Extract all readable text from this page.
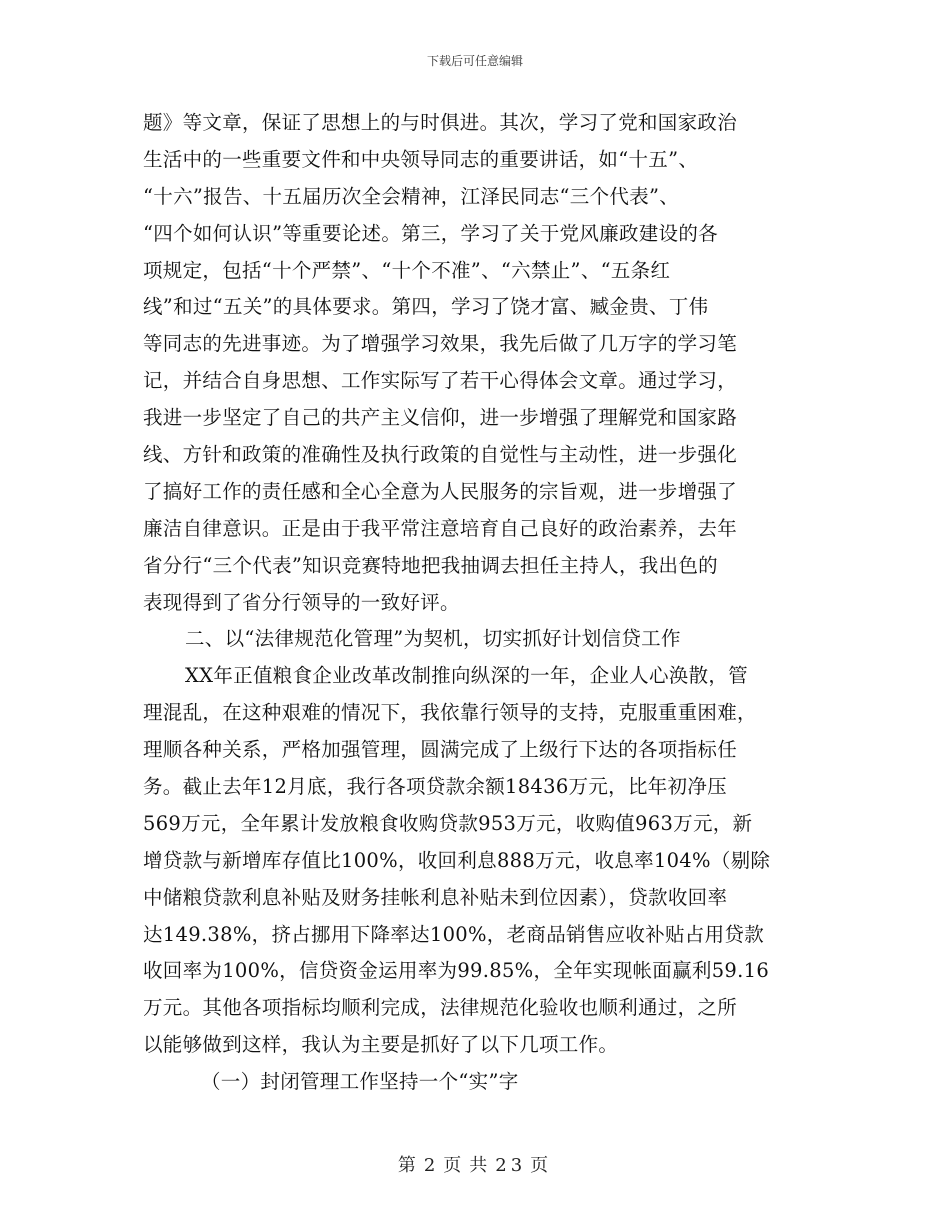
下载后可任意编辑
题》等文章，保证了思想上的与时俱进。其次，学习了党和国家政治
生活中的一些重要文件和中央领导同志的重要讲话，如“十五”、
“十六”报告、十五届历次全会精神，江泽民同志“三个代表”、
“四个如何认识”等重要论述。第三，学习了关于党风廉政建设的各
项规定，包括“十个严禁”、“十个不准”、“六禁止”、“五条红
线”和过“五关”的具体要求。第四，学习了饶才富、臧金贵、丁伟
等同志的先进事迹。为了增强学习效果，我先后做了几万字的学习笔
记，并结合自身思想、工作实际写了若干心得体会文章。通过学习，
我进一步坚定了自己的共产主义信仰，进一步增强了理解党和国家路
线、方针和政策的准确性及执行政策的自觉性与主动性，进一步强化
了搞好工作的责任感和全心全意为人民服务的宗旨观，进一步增强了
廉洁自律意识。正是由于我平常注意培育自己良好的政治素养，去年
省分行“三个代表”知识竞赛特地把我抽调去担任主持人，我出色的
表现得到了省分行领导的一致好评。
二、以“法律规范化管理”为契机，切实抓好计划信贷工作
XX年正值粮食企业改革改制推向纵深的一年，企业人心涣散，管
理混乱，在这种艰难的情况下，我依靠行领导的支持，克服重重困难，
理顺各种关系，严格加强管理，圆满完成了上级行下达的各项指标任
务。截止去年12月底，我行各项贷款余额18436万元，比年初净压
569万元，全年累计发放粮食收购贷款953万元，收购值963万元，新
增贷款与新增库存值比100%，收回利息888万元，收息率104%（剔除
中储粮贷款利息补贴及财务挂帐利息补贴未到位因素），贷款收回率
达149.38%，挤占挪用下降率达100%，老商品销售应收补贴占用贷款
收回率为100%，信贷资金运用率为99.85%，全年实现帐面赢利59.16
万元。其他各项指标均顺利完成，法律规范化验收也顺利通过，之所
以能够做到这样，我认为主要是抓好了以下几项工作。
（一）封闭管理工作坚持一个“实”字
第 2 页 共 23 页
